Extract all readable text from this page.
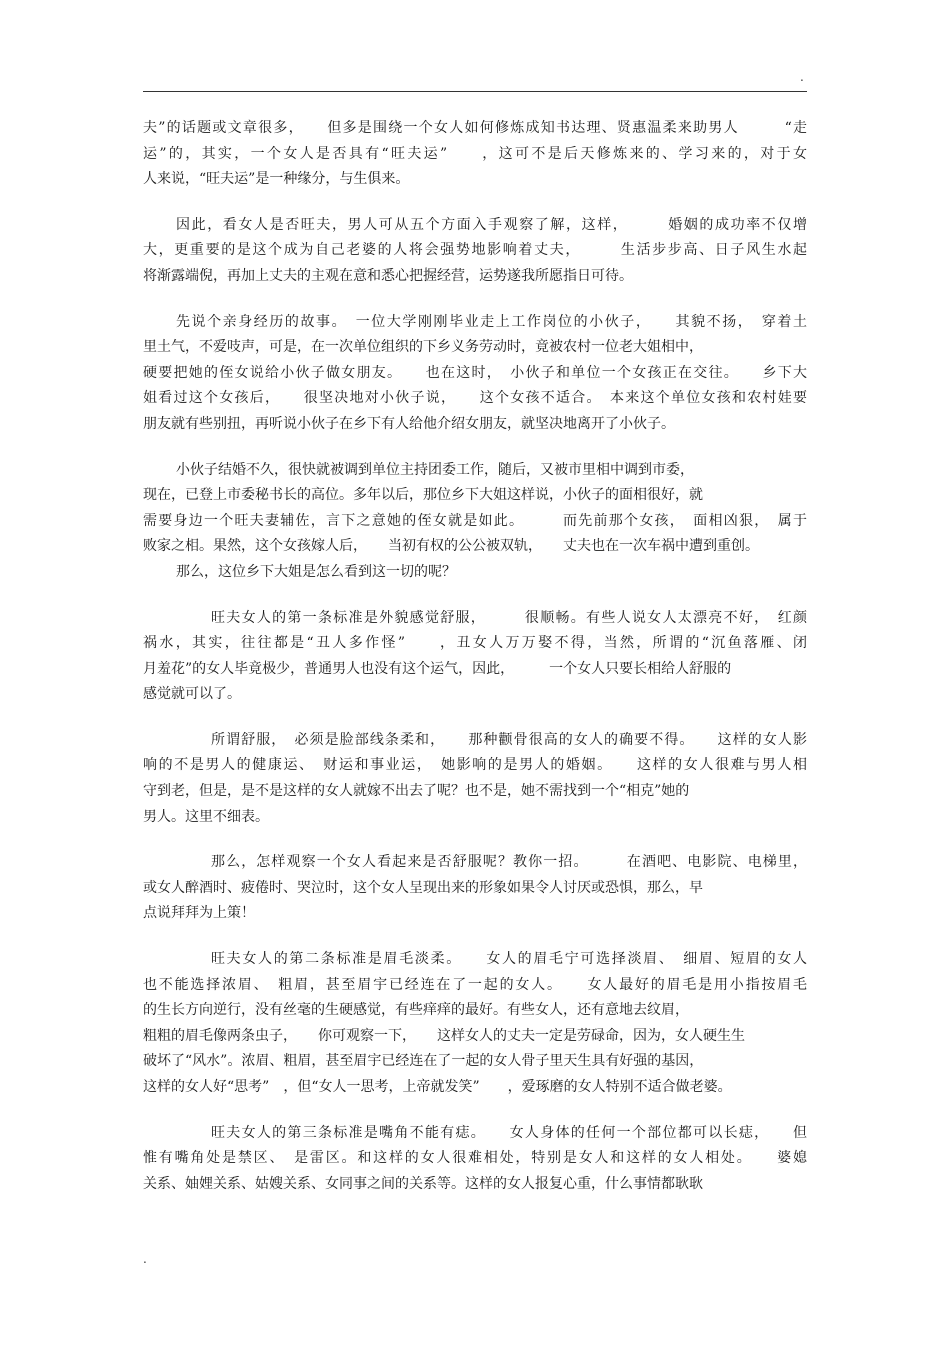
.
夫”的话题或文章很多，　　但多是围绕一个女人如何修炼成知书达理、贤惠温柔来助男人　　　“走
运”的，其实，一个女人是否具有“旺夫运”　　，这可不是后天修炼来的、学习来的，对于女
人来说，“旺夫运”是一种缘分，与生俱来。
因此，看女人是否旺夫，男人可从五个方面入手观察了解，这样，　　　婚姻的成功率不仅增
大，更重要的是这个成为自己老婆的人将会强势地影响着丈夫，　　　生活步步高、日子风生水起
将渐露端倪，再加上丈夫的主观在意和悉心把握经营，运势遂我所愿指日可待。
先说个亲身经历的故事。　一位大学刚刚毕业走上工作岗位的小伙子，　　其貌不扬，　穿着土
里土气，不爱吱声，可是，在一次单位组织的下乡义务劳动时，竟被农村一位老大姐相中，
硬要把她的侄女说给小伙子做女朋友。　　也在这时，　小伙子和单位一个女孩正在交往。　　乡下大
姐看过这个女孩后，　　很坚决地对小伙子说，　　这个女孩不适合。　本来这个单位女孩和农村娃要
朋友就有些别扭，再听说小伙子在乡下有人给他介绍女朋友，就坚决地离开了小伙子。
小伙子结婚不久，很快就被调到单位主持团委工作，随后，又被市里相中调到市委，
现在，已登上市委秘书长的高位。多年以后，那位乡下大姐这样说，小伙子的面相很好，就
需要身边一个旺夫妻辅佐，言下之意她的侄女就是如此。　　　而先前那个女孩，　面相凶狠，　属于
败家之相。果然，这个女孩嫁人后，　　当初有权的公公被双轨，　　丈夫也在一次车祸中遭到重创。
那么，这位乡下大姐是怎么看到这一切的呢？
旺夫女人的第一条标准是外貌感觉舒服，　　　很顺畅。有些人说女人太漂亮不好，　红颜
祸水，其实，往往都是“丑人多作怪”　　，丑女人万万娶不得，当然，所谓的“沉鱼落雁、闭
月羞花”的女人毕竟极少，普通男人也没有这个运气，因此，　　　一个女人只要长相给人舒服的
感觉就可以了。
所谓舒服，　必须是脸部线条柔和，　　那种颧骨很高的女人的确要不得。　　这样的女人影
响的不是男人的健康运、　财运和事业运，　她影响的是男人的婚姻。　　这样的女人很难与男人相
守到老，但是，是不是这样的女人就嫁不出去了呢？也不是，她不需找到一个“相克”她的
男人。这里不细表。
那么，怎样观察一个女人看起来是否舒服呢？教你一招。　　　在酒吧、电影院、电梯里，
或女人醉酒时、疲倦时、哭泣时，这个女人呈现出来的形象如果令人讨厌或恐惧，那么，早
点说拜拜为上策！
旺夫女人的第二条标准是眉毛淡柔。　　女人的眉毛宁可选择淡眉、　细眉、短眉的女人
也不能选择浓眉、　粗眉，甚至眉宇已经连在了一起的女人。　　女人最好的眉毛是用小指按眉毛
的生长方向逆行，没有丝毫的生硬感觉，有些痒痒的最好。有些女人，还有意地去纹眉，
粗粗的眉毛像两条虫子，　　你可观察一下，　　这样女人的丈夫一定是劳碌命，因为，女人硬生生
破坏了“风水”。浓眉、粗眉，甚至眉宇已经连在了一起的女人骨子里天生具有好强的基因，
这样的女人好“思考”　，但“女人一思考，上帝就发笑”　　，爱琢磨的女人特别不适合做老婆。
旺夫女人的第三条标准是嘴角不能有痣。　　女人身体的任何一个部位都可以长痣，　　但
惟有嘴角处是禁区、　是雷区。和这样的女人很难相处，特别是女人和这样的女人相处。　　婆媳
关系、妯娌关系、姑嫂关系、女同事之间的关系等。这样的女人报复心重，什么事情都耿耿
.
